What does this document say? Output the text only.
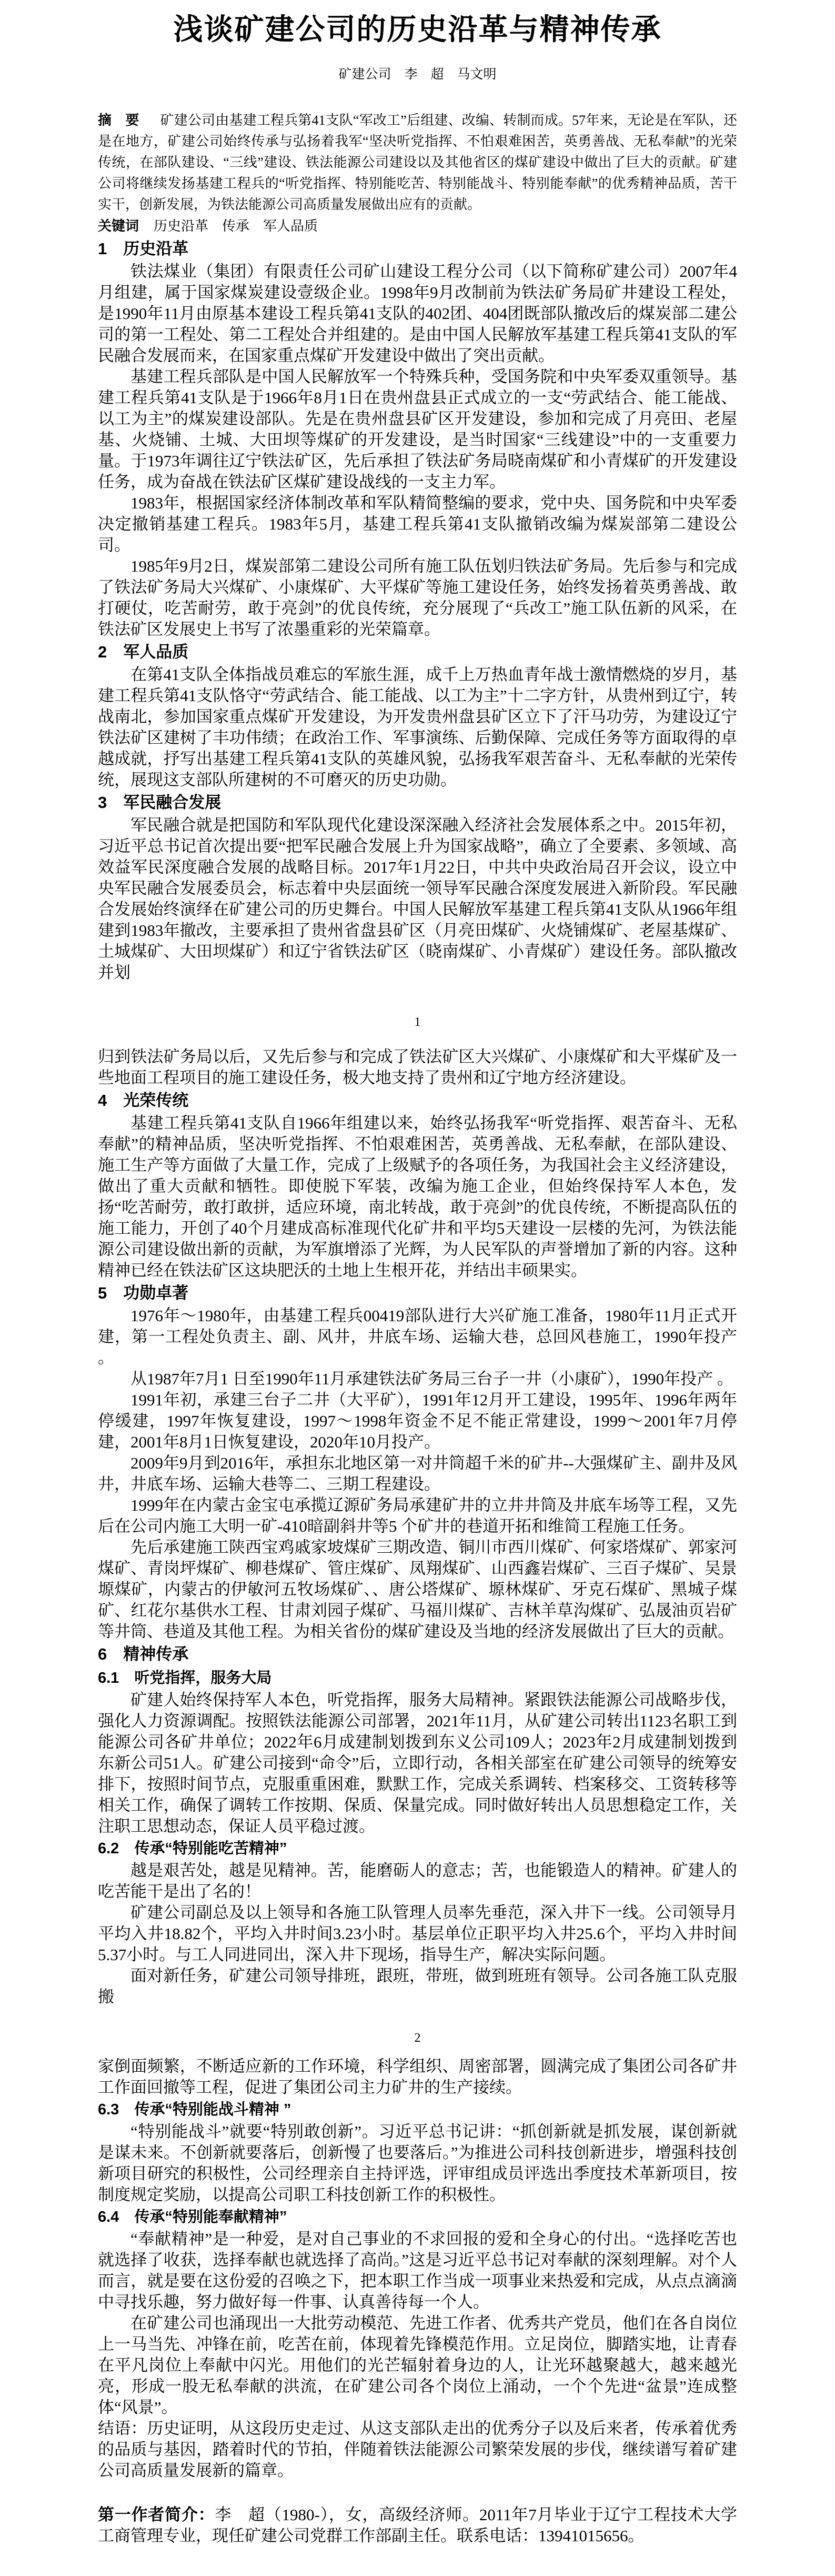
浅谈矿建公司的历史沿革与精神传承
矿建公司　李　超　马文明

摘　要 矿建公司由基建工程兵第41支队“军改工”后组建、改编、转制而成。57年来，无论是在军队，还是在地方，矿建公司始终传承与弘扬着我军“坚决听党指挥、不怕艰难困苦，英勇善战、无私奉献”的光荣传统，在部队建设、“三线”建设、铁法能源公司建设以及其他省区的煤矿建设中做出了巨大的贡献。矿建公司将继续发扬基建工程兵的“听党指挥、特别能吃苦、特别能战斗、特别能奉献”的优秀精神品质，苦干实干，创新发展，为铁法能源公司高质量发展做出应有的贡献。

关键词 历史沿革　传承　军人品质

1　历史沿革

铁法煤业（集团）有限责任公司矿山建设工程分公司（以下简称矿建公司）2007年4月组建，属于国家煤炭建设壹级企业。1998年9月改制前为铁法矿务局矿井建设工程处，是1990年11月由原基本建设工程兵第41支队的402团、404团既部队撤改后的煤炭部二建公司的第一工程处、第二工程处合并组建的。是由中国人民解放军基建工程兵第41支队的军民融合发展而来，在国家重点煤矿开发建设中做出了突出贡献。

基建工程兵部队是中国人民解放军一个特殊兵种，受国务院和中央军委双重领导。基建工程兵第41支队是于1966年8月1日在贵州盘县正式成立的一支“劳武结合、能工能战、以工为主”的煤炭建设部队。先是在贵州盘县矿区开发建设，参加和完成了月亮田、老屋基、火烧铺、土城、大田坝等煤矿的开发建设，是当时国家“三线建设”中的一支重要力量。于1973年调往辽宁铁法矿区，先后承担了铁法矿务局晓南煤矿和小青煤矿的开发建设任务，成为奋战在铁法矿区煤矿建设战线的一支主力军。

1983年，根据国家经济体制改革和军队精简整编的要求，党中央、国务院和中央军委决定撤销基建工程兵。1983年5月，基建工程兵第41支队撤销改编为煤炭部第二建设公司。

1985年9月2日，煤炭部第二建设公司所有施工队伍划归铁法矿务局。先后参与和完成了铁法矿务局大兴煤矿、小康煤矿、大平煤矿等施工建设任务，始终发扬着英勇善战、敢打硬仗，吃苦耐劳，敢于亮剑”的优良传统，充分展现了“兵改工”施工队伍新的风采，在铁法矿区发展史上书写了浓墨重彩的光荣篇章。

2　军人品质

在第41支队全体指战员难忘的军旅生涯，成千上万热血青年战士激情燃烧的岁月，基建工程兵第41支队恪守“劳武结合、能工能战、以工为主”十二字方针，从贵州到辽宁，转战南北，参加国家重点煤矿开发建设，为开发贵州盘县矿区立下了汗马功劳，为建设辽宁铁法矿区建树了丰功伟绩；在政治工作、军事演练、后勤保障、完成任务等方面取得的卓越成就，抒写出基建工程兵第41支队的英雄风貌，弘扬我军艰苦奋斗、无私奉献的光荣传统，展现这支部队所建树的不可磨灭的历史功勋。

3　军民融合发展

军民融合就是把国防和军队现代化建设深深融入经济社会发展体系之中。2015年初，习近平总书记首次提出要“把军民融合发展上升为国家战略”，确立了全要素、多领域、高效益军民深度融合发展的战略目标。2017年1月22日，中共中央政治局召开会议，设立中央军民融合发展委员会，标志着中央层面统一领导军民融合深度发展进入新阶段。军民融合发展始终演绎在矿建公司的历史舞台。中国人民解放军基建工程兵第41支队从1966年组建到1983年撤改，主要承担了贵州省盘县矿区（月亮田煤矿、火烧铺煤矿、老屋基煤矿、土城煤矿、大田坝煤矿）和辽宁省铁法矿区（晓南煤矿、小青煤矿）建设任务。部队撤改并划

1

归到铁法矿务局以后，又先后参与和完成了铁法矿区大兴煤矿、小康煤矿和大平煤矿及一些地面工程项目的施工建设任务，极大地支持了贵州和辽宁地方经济建设。

4　光荣传统

基建工程兵第41支队自1966年组建以来，始终弘扬我军“听党指挥、艰苦奋斗、无私奉献”的精神品质，坚决听党指挥、不怕艰难困苦，英勇善战、无私奉献，在部队建设、施工生产等方面做了大量工作，完成了上级赋予的各项任务，为我国社会主义经济建设，做出了重大贡献和牺牲。即使脱下军装，改编为施工企业，但始终保持军人本色，发扬“吃苦耐劳，敢打敢拼，适应环境，南北转战，敢于亮剑”的优良传统，不断提高队伍的施工能力，开创了40个月建成高标准现代化矿井和平均5天建设一层楼的先河，为铁法能源公司建设做出新的贡献，为军旗增添了光辉，为人民军队的声誉增加了新的内容。这种精神已经在铁法矿区这块肥沃的土地上生根开花，并结出丰硕果实。

5　功勋卓著

1976年～1980年，由基建工程兵00419部队进行大兴矿施工准备，1980年11月正式开建，第一工程处负责主、副、风井，井底车场、运输大巷，总回风巷施工，1990年投产 。

从1987年7月1 日至1990年11月承建铁法矿务局三台子一井（小康矿），1990年投产 。

1991年初，承建三台子二井（大平矿），1991年12月开工建设，1995年、1996年两年停缓建，1997年恢复建设，1997～1998年资金不足不能正常建设，1999～2001年7月停建，2001年8月1日恢复建设，2020年10月投产。

2009年9月到2016年，承担东北地区第一对井筒超千米的矿井--大强煤矿主、副井及风井，井底车场、运输大巷等二、三期工程建设。

1999年在内蒙古金宝屯承揽辽源矿务局承建矿井的立井井筒及井底车场等工程，又先后在公司内施工大明一矿-410暗副斜井等5 个矿井的巷道开拓和维简工程施工任务。

先后承建施工陕西宝鸡戚家坡煤矿三期改造、铜川市西川煤矿、何家塔煤矿、郭家河煤矿、青岗坪煤矿、柳巷煤矿、管庄煤矿、凤翔煤矿、山西鑫岩煤矿、三百子煤矿、吴景塬煤矿，内蒙古的伊敏河五牧场煤矿、、唐公塔煤矿、塬林煤矿、牙克石煤矿、黑城子煤矿、红花尔基供水工程、甘肃刘园子煤矿、马福川煤矿、吉林羊草沟煤矿、弘晟油页岩矿等井筒、巷道及其他工程。为相关省份的煤矿建设及当地的经济发展做出了巨大的贡献。

6　精神传承
6.1　听党指挥，服务大局

矿建人始终保持军人本色，听党指挥，服务大局精神。紧跟铁法能源公司战略步伐，强化人力资源调配。按照铁法能源公司部署，2021年11月，从矿建公司转出1123名职工到能源公司各矿井单位；2022年6月成建制划拨到东义公司109人；2023年2月成建制划拨到东新公司51人。矿建公司接到“命令”后，立即行动，各相关部室在矿建公司领导的统筹安排下，按照时间节点，克服重重困难，默默工作，完成关系调转、档案移交、工资转移等相关工作，确保了调转工作按期、保质、保量完成。同时做好转出人员思想稳定工作，关注职工思想动态，保证人员平稳过渡。

6.2　传承“特别能吃苦精神”

越是艰苦处，越是见精神。苦，能磨砺人的意志；苦，也能锻造人的精神。矿建人的吃苦能干是出了名的！

矿建公司副总及以上领导和各施工队管理人员率先垂范，深入井下一线。公司领导月平均入井18.82个，平均入井时间3.23小时。基层单位正职平均入井25.6个，平均入井时间5.37小时。与工人同进同出，深入井下现场，指导生产，解决实际问题。

面对新任务，矿建公司领导排班，跟班，带班，做到班班有领导。公司各施工队克服搬

2

家倒面频繁，不断适应新的工作环境，科学组织、周密部署，圆满完成了集团公司各矿井工作面回撤等工程，促进了集团公司主力矿井的生产接续。

6.3　传承“特别能战斗精神 ”

“特别能战斗”就要“特别敢创新”。习近平总书记讲：“抓创新就是抓发展，谋创新就是谋未来。不创新就要落后，创新慢了也要落后。”为推进公司科技创新进步，增强科技创新项目研究的积极性，公司经理亲自主持评选，评审组成员评选出季度技术革新项目，按制度规定奖励，以提高公司职工科技创新工作的积极性。

6.4　传承“特别能奉献精神”

“奉献精神”是一种爱，是对自己事业的不求回报的爱和全身心的付出。“选择吃苦也就选择了收获，选择奉献也就选择了高尚。”这是习近平总书记对奉献的深刻理解。对个人而言，就是要在这份爱的召唤之下，把本职工作当成一项事业来热爱和完成，从点点滴滴中寻找乐趣，努力做好每一件事、认真善待每一个人。

在矿建公司也涌现出一大批劳动模范、先进工作者、优秀共产党员，他们在各自岗位上一马当先、冲锋在前，吃苦在前，体现着先锋模范作用。立足岗位，脚踏实地，让青春在平凡岗位上奉献中闪光。用他们的光芒辐射着身边的人，让光环越聚越大，越来越光亮，形成一股无私奉献的洪流，在矿建公司各个岗位上涌动，一个个先进“盆景”连成整体“风景”。

结语：历史证明，从这段历史走过、从这支部队走出的优秀分子以及后来者，传承着优秀的品质与基因，踏着时代的节拍，伴随着铁法能源公司繁荣发展的步伐，继续谱写着矿建公司高质量发展新的篇章。

第一作者简介：李　超（1980-），女，高级经济师。2011年7月毕业于辽宁工程技术大学工商管理专业，现任矿建公司党群工作部副主任。联系电话：13941015656。
